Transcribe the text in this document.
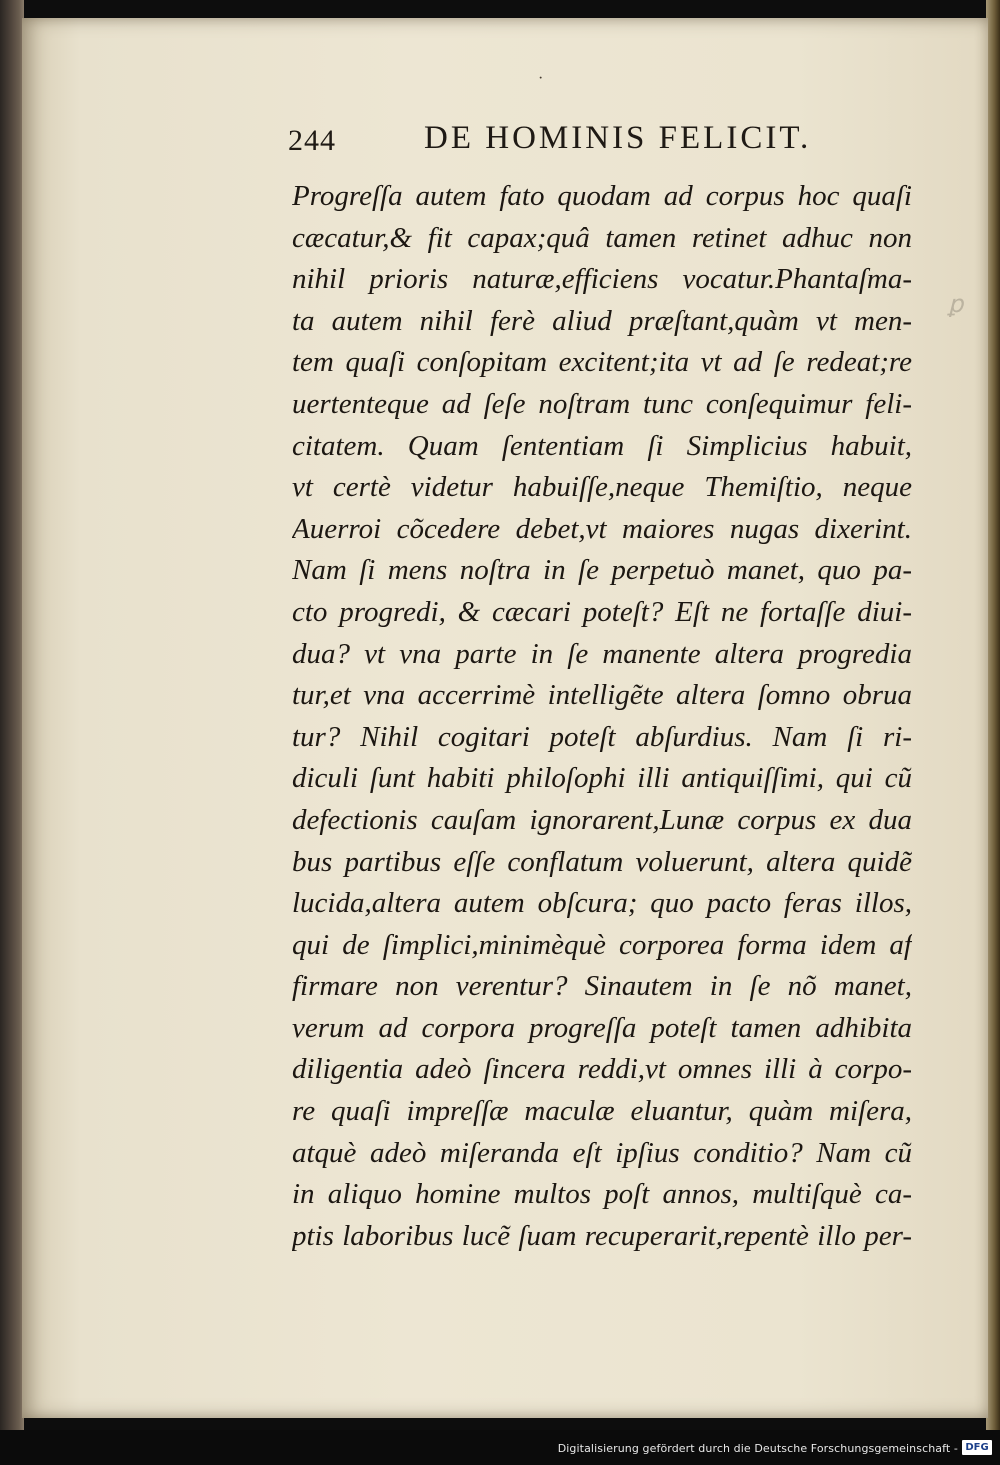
ꝑ
·
244	DE HOMINIS FELICIT.
Progreſſa autem fato quodam ad corpus hoc quaſi
cæcatur,& fit capax;quâ tamen retinet adhuc non
nihil prioris naturæ,efficiens vocatur.Phantaſma-
ta autem nihil ferè aliud præſtant,quàm vt men-
tem quaſi conſopitam excitent;ita vt ad ſe redeat;re
uertenteque ad ſeſe noſtram tunc conſequimur feli-
citatem. Quam ſententiam ſi Simplicius habuit,
vt certè videtur habuiſſe,neque Themiſtio, neque
Auerroi cõcedere debet,vt maiores nugas dixerint.
Nam ſi mens noſtra in ſe perpetuò manet, quo pa-
cto progredi, & cæcari poteſt? Eſt ne fortaſſe diui-
dua? vt vna parte in ſe manente altera progredia
tur,et vna accerrimè intelligẽte altera ſomno obrua
tur? Nihil cogitari poteſt abſurdius. Nam ſi ri-
diculi ſunt habiti philoſophi illi antiquiſſimi, qui cũ
defectionis cauſam ignorarent,Lunæ corpus ex dua
bus partibus eſſe conflatum voluerunt, altera quidẽ
lucida,altera autem obſcura; quo pacto feras illos,
qui de ſimplici,minimèquè corporea forma idem af
firmare non verentur? Sinautem in ſe nõ manet,
verum ad corpora progreſſa poteſt tamen adhibita
diligentia adeò ſincera reddi,vt omnes illi à corpo-
re quaſi impreſſæ maculæ eluantur, quàm miſera,
atquè adeò miſeranda eſt ipſius conditio? Nam cũ
in aliquo homine multos poſt annos, multiſquè ca-
ptis laboribus lucẽ ſuam recuperarit,repentè illo per-
Digitalisierung gefördert durch die Deutsche Forschungsgemeinschaft - DFG
